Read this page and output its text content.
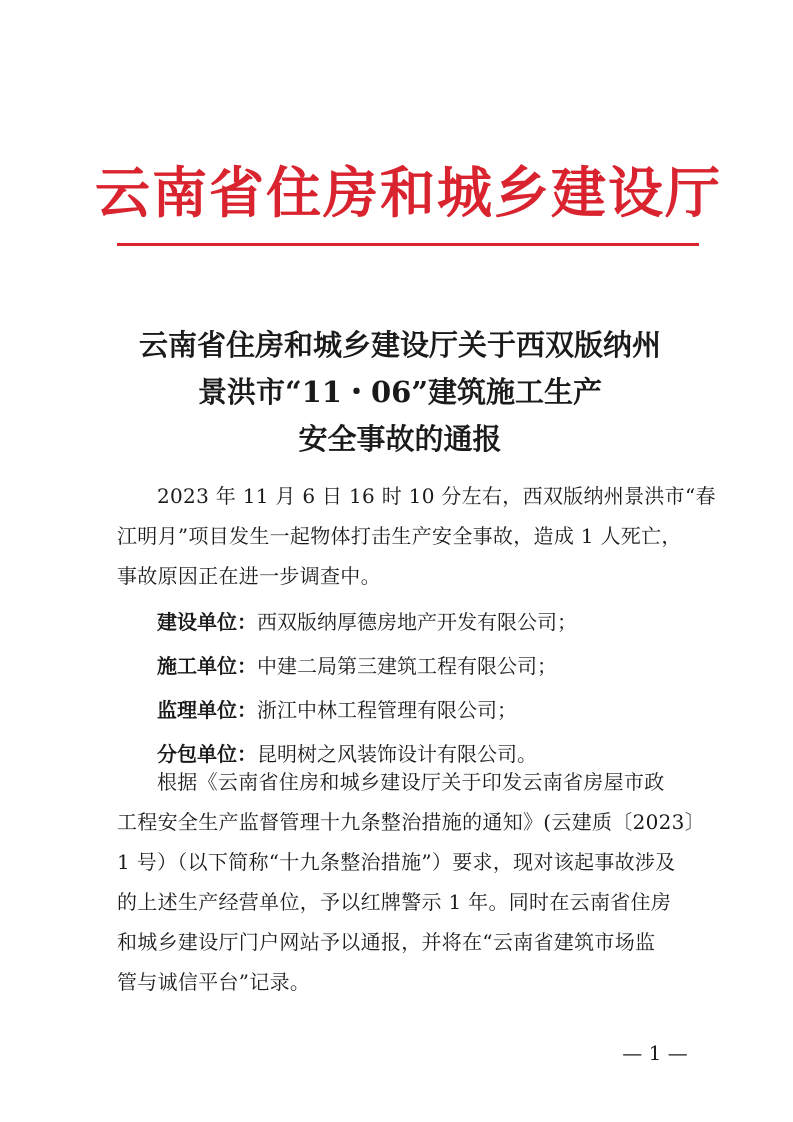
云南省住房和城乡建设厅
云南省住房和城乡建设厅关于西双版纳州
景洪市“11・06”建筑施工生产
安全事故的通报
2023 年 11 月 6 日 16 时 10 分左右，西双版纳州景洪市“春
江明月”项目发生一起物体打击生产安全事故，造成 1 人死亡，
事故原因正在进一步调查中。
建设单位：西双版纳厚德房地产开发有限公司；
施工单位：中建二局第三建筑工程有限公司；
监理单位：浙江中林工程管理有限公司；
分包单位：昆明树之风装饰设计有限公司。
根据《云南省住房和城乡建设厅关于印发云南省房屋市政
工程安全生产监督管理十九条整治措施的通知》(云建质〔2023〕
1 号）（以下简称“十九条整治措施”）要求，现对该起事故涉及
的上述生产经营单位，予以红牌警示 1 年。同时在云南省住房
和城乡建设厅门户网站予以通报，并将在“云南省建筑市场监
管与诚信平台”记录。
— 1 —
